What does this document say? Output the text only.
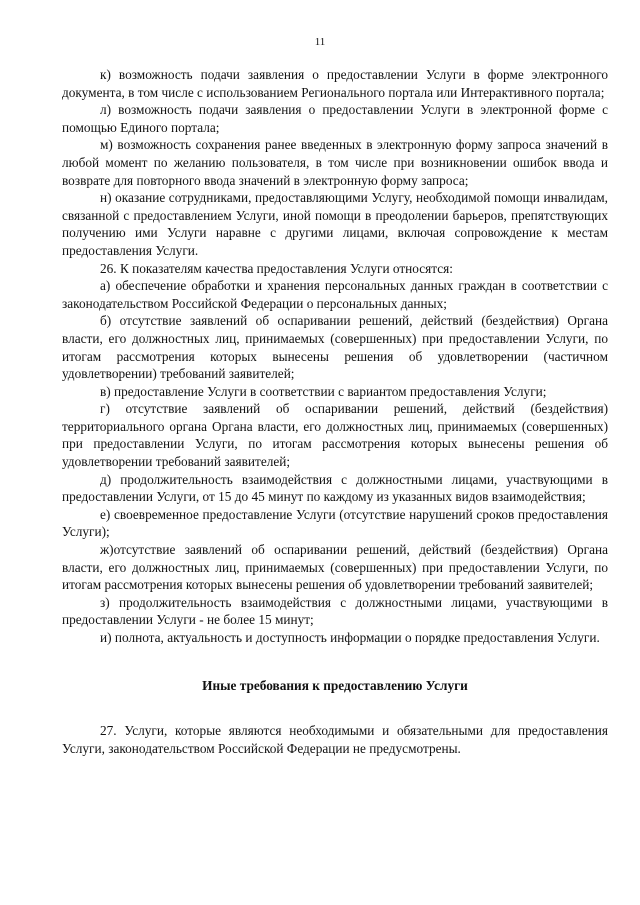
11

к) возможность подачи заявления о предоставлении Услуги в форме электронного документа, в том числе с использованием Регионального портала или Интерактивного портала;

л) возможность подачи заявления о предоставлении Услуги в электронной форме с помощью Единого портала;

м) возможность сохранения ранее введенных в электронную форму запроса значений в любой момент по желанию пользователя, в том числе при возникновении ошибок ввода и возврате для повторного ввода значений в электронную форму запроса;

н) оказание сотрудниками, предоставляющими Услугу, необходимой помощи инвалидам, связанной с предоставлением Услуги, иной помощи в преодолении барьеров, препятствующих получению ими Услуги наравне с другими лицами, включая сопровождение к местам предоставления Услуги.

26. К показателям качества предоставления Услуги относятся:

а) обеспечение обработки и хранения персональных данных граждан в соответствии с законодательством Российской Федерации о персональных данных;

б) отсутствие заявлений об оспаривании решений, действий (бездействия) Органа власти, его должностных лиц, принимаемых (совершенных) при предоставлении Услуги, по итогам рассмотрения которых вынесены решения об удовлетворении (частичном удовлетворении) требований заявителей;

в) предоставление Услуги в соответствии с вариантом предоставления Услуги;

г) отсутствие заявлений об оспаривании решений, действий (бездействия) территориального органа Органа власти, его должностных лиц, принимаемых (совершенных) при предоставлении Услуги, по итогам рассмотрения которых вынесены решения об удовлетворении требований заявителей;

д) продолжительность взаимодействия с должностными лицами, участвующими в предоставлении Услуги, от 15 до 45 минут по каждому из указанных видов взаимодействия;

е) своевременное предоставление Услуги (отсутствие нарушений сроков предоставления Услуги);

ж)отсутствие заявлений об оспаривании решений, действий (бездействия) Органа власти, его должностных лиц, принимаемых (совершенных) при предоставлении Услуги, по итогам рассмотрения которых вынесены решения об удовлетворении требований заявителей;

з) продолжительность взаимодействия с должностными лицами, участвующими в предоставлении Услуги - не более 15 минут;

и) полнота, актуальность и доступность информации о порядке предоставления Услуги.

Иные требования к предоставлению Услуги

27. Услуги, которые являются необходимыми и обязательными для предоставления Услуги, законодательством Российской Федерации не предусмотрены.
